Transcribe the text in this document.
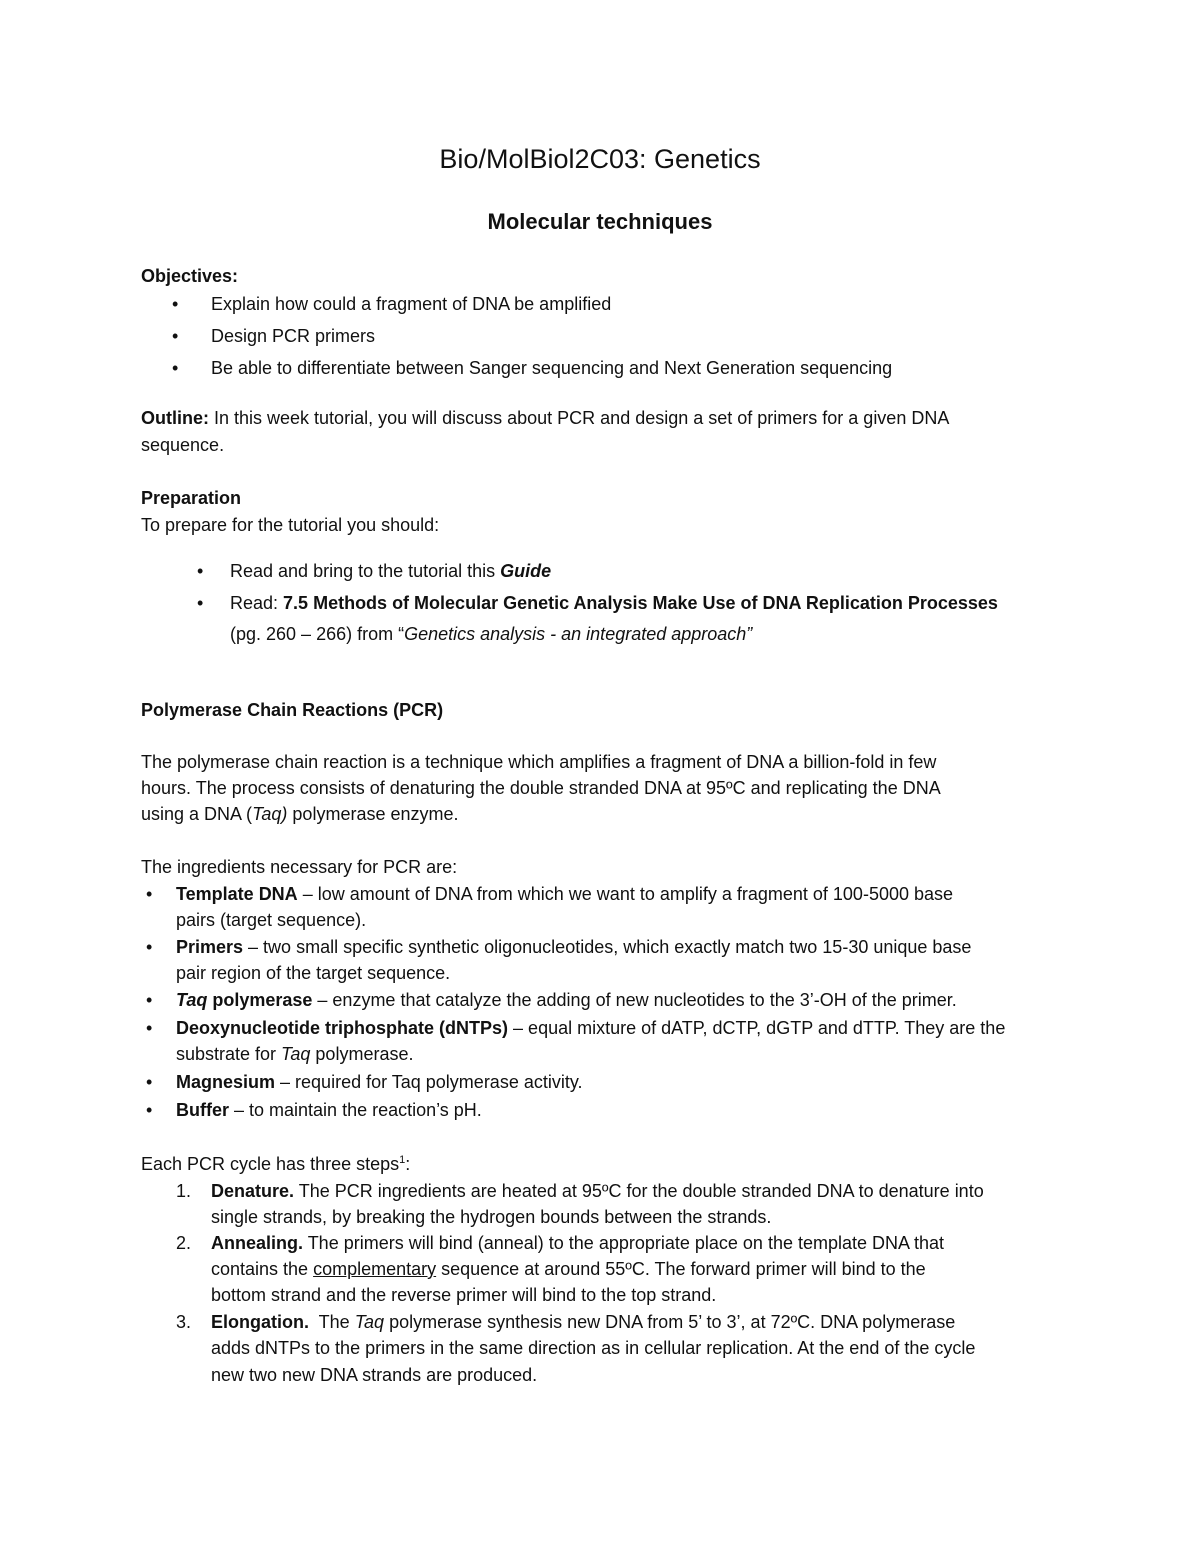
Bio/MolBiol2C03: Genetics
Molecular techniques
Objectives:
• Explain how could a fragment of DNA be amplified
• Design PCR primers
• Be able to differentiate between Sanger sequencing and Next Generation sequencing
Outline: In this week tutorial, you will discuss about PCR and design a set of primers for a given DNA
sequence.
Preparation
To prepare for the tutorial you should:
• Read and bring to the tutorial this Guide
• Read: 7.5 Methods of Molecular Genetic Analysis Make Use of DNA Replication Processes
(pg. 260 – 266) from “Genetics analysis - an integrated approach”
Polymerase Chain Reactions (PCR)
The polymerase chain reaction is a technique which amplifies a fragment of DNA a billion-fold in few
hours. The process consists of denaturing the double stranded DNA at 95ºC and replicating the DNA
using a DNA (Taq) polymerase enzyme.
The ingredients necessary for PCR are:
• Template DNA – low amount of DNA from which we want to amplify a fragment of 100-5000 base
pairs (target sequence).
• Primers – two small specific synthetic oligonucleotides, which exactly match two 15-30 unique base
pair region of the target sequence.
• Taq polymerase – enzyme that catalyze the adding of new nucleotides to the 3’-OH of the primer.
• Deoxynucleotide triphosphate (dNTPs) – equal mixture of dATP, dCTP, dGTP and dTTP. They are the
substrate for Taq polymerase.
• Magnesium – required for Taq polymerase activity.
• Buffer – to maintain the reaction’s pH.
Each PCR cycle has three steps$^1$:
1. Denature. The PCR ingredients are heated at 95ºC for the double stranded DNA to denature into
single strands, by breaking the hydrogen bounds between the strands.
2. Annealing. The primers will bind (anneal) to the appropriate place on the template DNA that
contains the complementary sequence at around 55ºC. The forward primer will bind to the
bottom strand and the reverse primer will bind to the top strand.
3. Elongation.  The Taq polymerase synthesis new DNA from 5’ to 3’, at 72ºC. DNA polymerase
adds dNTPs to the primers in the same direction as in cellular replication. At the end of the cycle
new two new DNA strands are produced.
